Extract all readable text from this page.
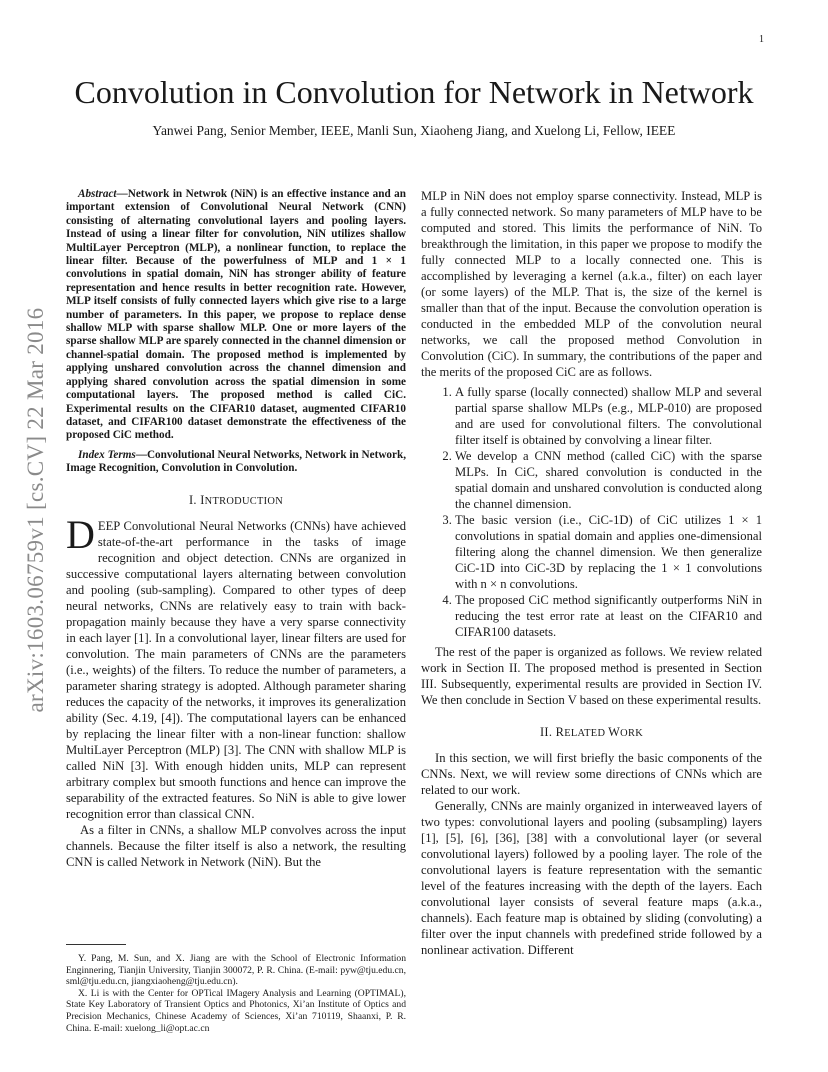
1
arXiv:1603.06759v1 [cs.CV] 22 Mar 2016
Convolution in Convolution for Network in Network
Yanwei Pang, Senior Member, IEEE, Manli Sun, Xiaoheng Jiang, and Xuelong Li, Fellow, IEEE

Abstract—Network in Netwrok (NiN) is an effective instance and an important extension of Convolutional Neural Network (CNN) consisting of alternating convolutional layers and pooling layers. Instead of using a linear filter for convolution, NiN utilizes shallow MultiLayer Perceptron (MLP), a nonlinear function, to replace the linear filter. Because of the powerfulness of MLP and 1 × 1 convolutions in spatial domain, NiN has stronger ability of feature representation and hence results in better recognition rate. However, MLP itself consists of fully connected layers which give rise to a large number of parameters. In this paper, we propose to replace dense shallow MLP with sparse shallow MLP. One or more layers of the sparse shallow MLP are sparely connected in the channel dimension or channel-spatial domain. The proposed method is implemented by applying unshared convolution across the channel dimension and applying shared convolution across the spatial dimension in some computational layers. The proposed method is called CiC. Experimental results on the CIFAR10 dataset, augmented CIFAR10 dataset, and CIFAR100 dataset demonstrate the effectiveness of the proposed CiC method.

Index Terms—Convolutional Neural Networks, Network in Network, Image Recognition, Convolution in Convolution.

I. INTRODUCTION

DEEP Convolutional Neural Networks (CNNs) have achieved state-of-the-art performance in the tasks of image recognition and object detection. CNNs are organized in successive computational layers alternating between convolution and pooling (sub-sampling). Compared to other types of deep neural networks, CNNs are relatively easy to train with back-propagation mainly because they have a very sparse connectivity in each layer [1]. In a convolutional layer, linear filters are used for convolution. The main parameters of CNNs are the parameters (i.e., weights) of the filters. To reduce the number of parameters, a parameter sharing strategy is adopted. Although parameter sharing reduces the capacity of the networks, it improves its generalization ability (Sec. 4.19, [4]). The computational layers can be enhanced by replacing the linear filter with a non-linear function: shallow MultiLayer Perceptron (MLP) [3]. The CNN with shallow MLP is called NiN [3]. With enough hidden units, MLP can represent arbitrary complex but smooth functions and hence can improve the separability of the extracted features. So NiN is able to give lower recognition error than classical CNN.

As a filter in CNNs, a shallow MLP convolves across the input channels. Because the filter itself is also a network, the resulting CNN is called Network in Network (NiN). But the

MLP in NiN does not employ sparse connectivity. Instead, MLP is a fully connected network. So many parameters of MLP have to be computed and stored. This limits the performance of NiN. To breakthrough the limitation, in this paper we propose to modify the fully connected MLP to a locally connected one. This is accomplished by leveraging a kernel (a.k.a., filter) on each layer (or some layers) of the MLP. That is, the size of the kernel is smaller than that of the input. Because the convolution operation is conducted in the embedded MLP of the convolution neural networks, we call the proposed method Convolution in Convolution (CiC). In summary, the contributions of the paper and the merits of the proposed CiC are as follows.

1. A fully sparse (locally connected) shallow MLP and several partial sparse shallow MLPs (e.g., MLP-010) are proposed and are used for convolutional filters. The convolutional filter itself is obtained by convolving a linear filter.
2. We develop a CNN method (called CiC) with the sparse MLPs. In CiC, shared convolution is conducted in the spatial domain and unshared convolution is conducted along the channel dimension.
3. The basic version (i.e., CiC-1D) of CiC utilizes 1 × 1 convolutions in spatial domain and applies one-dimensional filtering along the channel dimension. We then generalize CiC-1D into CiC-3D by replacing the 1 × 1 convolutions with n × n convolutions.
4. The proposed CiC method significantly outperforms NiN in reducing the test error rate at least on the CIFAR10 and CIFAR100 datasets.

The rest of the paper is organized as follows. We review related work in Section II. The proposed method is presented in Section III. Subsequently, experimental results are provided in Section IV. We then conclude in Section V based on these experimental results.

II. RELATED WORK

In this section, we will first briefly the basic components of the CNNs. Next, we will review some directions of CNNs which are related to our work.

Generally, CNNs are mainly organized in interweaved layers of two types: convolutional layers and pooling (subsampling) layers [1], [5], [6], [36], [38] with a convolutional layer (or several convolutional layers) followed by a pooling layer. The role of the convolutional layers is feature representation with the semantic level of the features increasing with the depth of the layers. Each convolutional layer consists of several feature maps (a.k.a., channels). Each feature map is obtained by sliding (convoluting) a filter over the input channels with predefined stride followed by a nonlinear activation. Different

Y. Pang, M. Sun, and X. Jiang are with the School of Electronic Information Enginnering, Tianjin University, Tianjin 300072, P. R. China. (E-mail: pyw@tju.edu.cn, sml@tju.edu.cn, jiangxiaoheng@tju.edu.cn).

X. Li is with the Center for OPTical IMagery Analysis and Learning (OPTIMAL), State Key Laboratory of Transient Optics and Photonics, Xi’an Institute of Optics and Precision Mechanics, Chinese Academy of Sciences, Xi’an 710119, Shaanxi, P. R. China. E-mail: xuelong_li@opt.ac.cn
